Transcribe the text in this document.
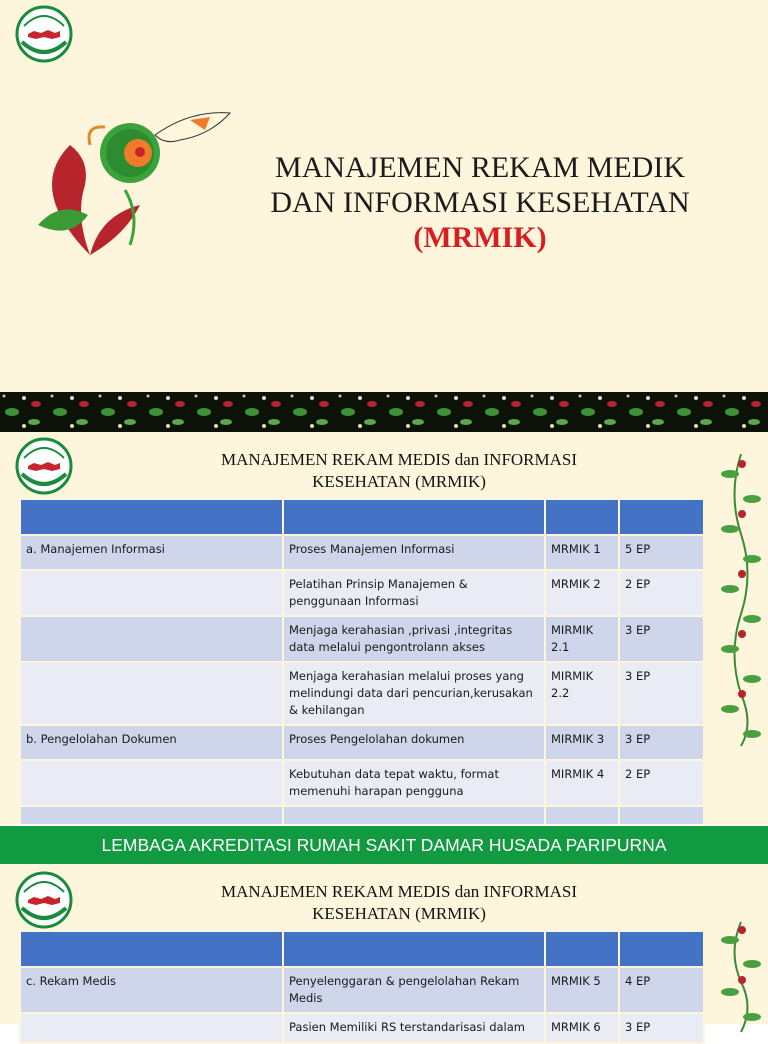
MANAJEMEN REKAM MEDIK
DAN INFORMASI KESEHATAN
(MRMIK)
MANAJEMEN REKAM MEDIS dan INFORMASI
KESEHATAN (MRMIK)

a. Manajemen Informasi	Proses Manajemen Informasi	MRMIK 1	5 EP
	Pelatihan Prinsip Manajemen & penggunaan Informasi	MRMIK 2	2 EP
	Menjaga kerahasian ,privasi ,integritas data melalui pengontrolann akses	MIRMIK 2.1	3 EP
	Menjaga kerahasian melalui proses yang melindungi data dari pencurian,kerusakan & kehilangan	MIRMIK 2.2	3 EP
b. Pengelolahan Dokumen	Proses Pengelolahan dokumen	MIRMIK 3	3 EP
	Kebutuhan data tepat waktu, format memenuhi harapan pengguna	MIRMIK 4	2 EP

LEMBAGA AKREDITASI RUMAH SAKIT DAMAR HUSADA PARIPURNA
MANAJEMEN REKAM MEDIS dan INFORMASI
KESEHATAN (MRMIK)

c. Rekam Medis	Penyelenggaran & pengelolahan Rekam Medis	MRMIK 5	4 EP
	Pasien Memiliki RS terstandarisasi dalam	MRMIK 6	3 EP
